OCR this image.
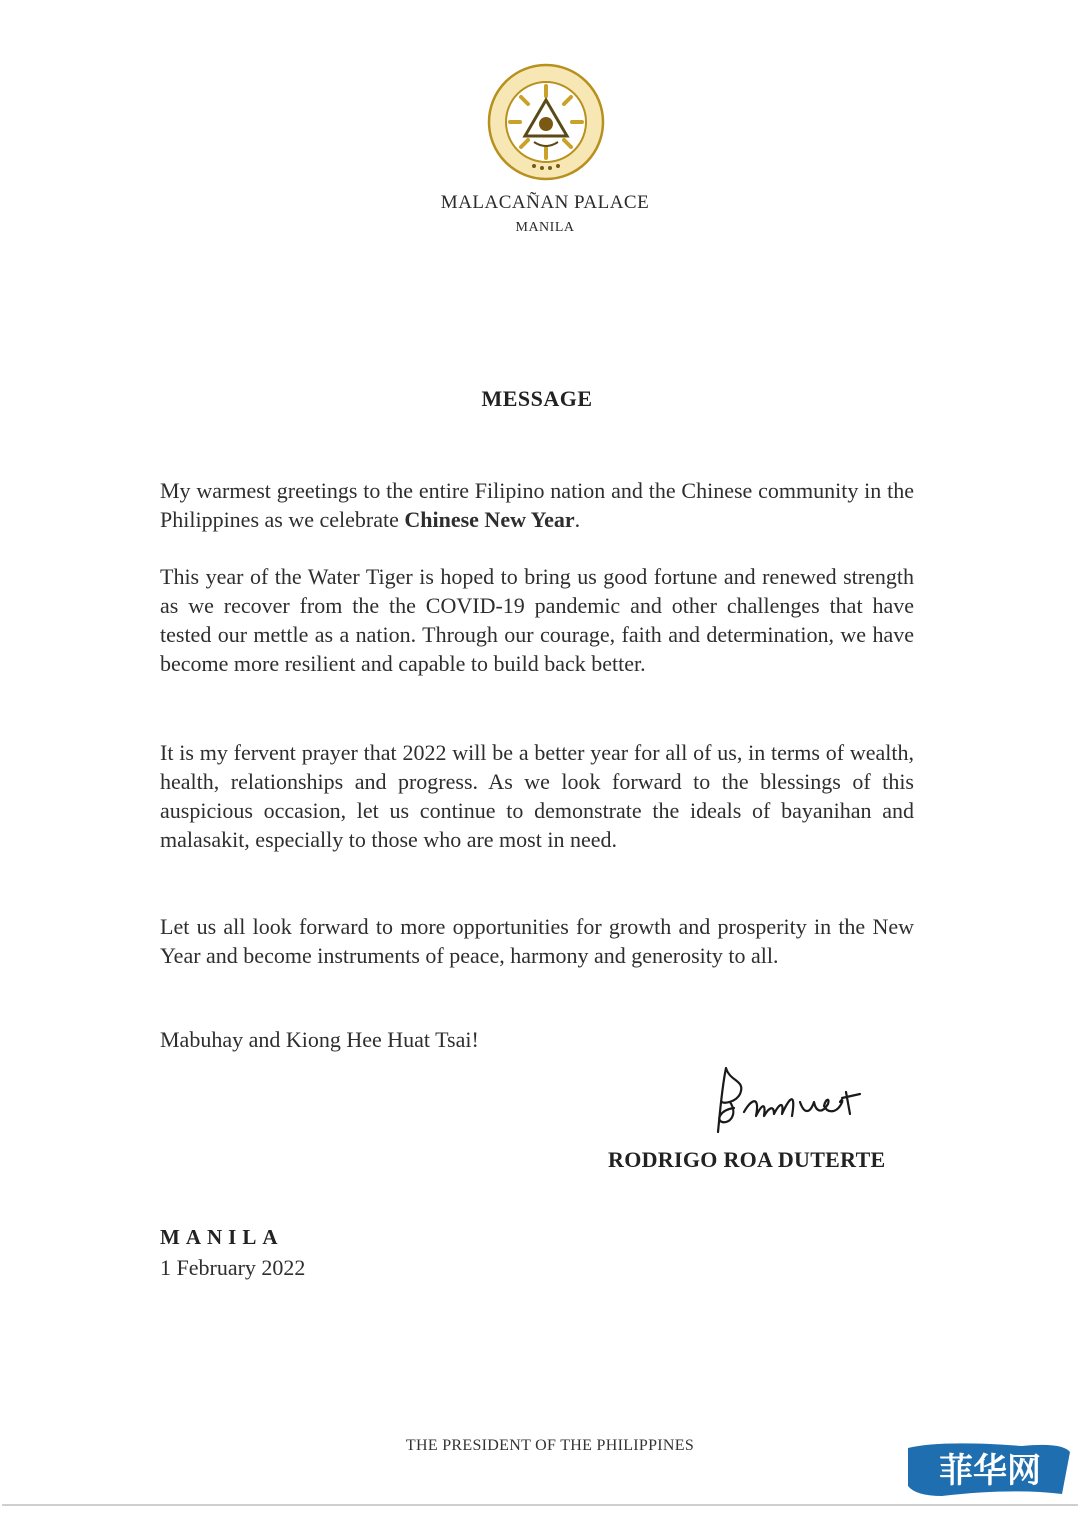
MALACAÑAN PALACE
MANILA
MESSAGE
My warmest greetings to the entire Filipino nation and the Chinese community in the Philippines as we celebrate Chinese New Year.
This year of the Water Tiger is hoped to bring us good fortune and renewed strength as we recover from the the COVID-19 pandemic and other challenges that have tested our mettle as a nation. Through our courage, faith and determination, we have become more resilient and capable to build back better.
It is my fervent prayer that 2022 will be a better year for all of us, in terms of wealth, health, relationships and progress. As we look forward to the blessings of this auspicious occasion, let us continue to demonstrate the ideals of bayanihan and malasakit, especially to those who are most in need.
Let us all look forward to more opportunities for growth and prosperity in the New Year and become instruments of peace, harmony and generosity to all.
Mabuhay and Kiong Hee Huat Tsai!
RODRIGO ROA DUTERTE
MANILA
1 February 2022
THE PRESIDENT OF THE PHILIPPINES
菲华网
